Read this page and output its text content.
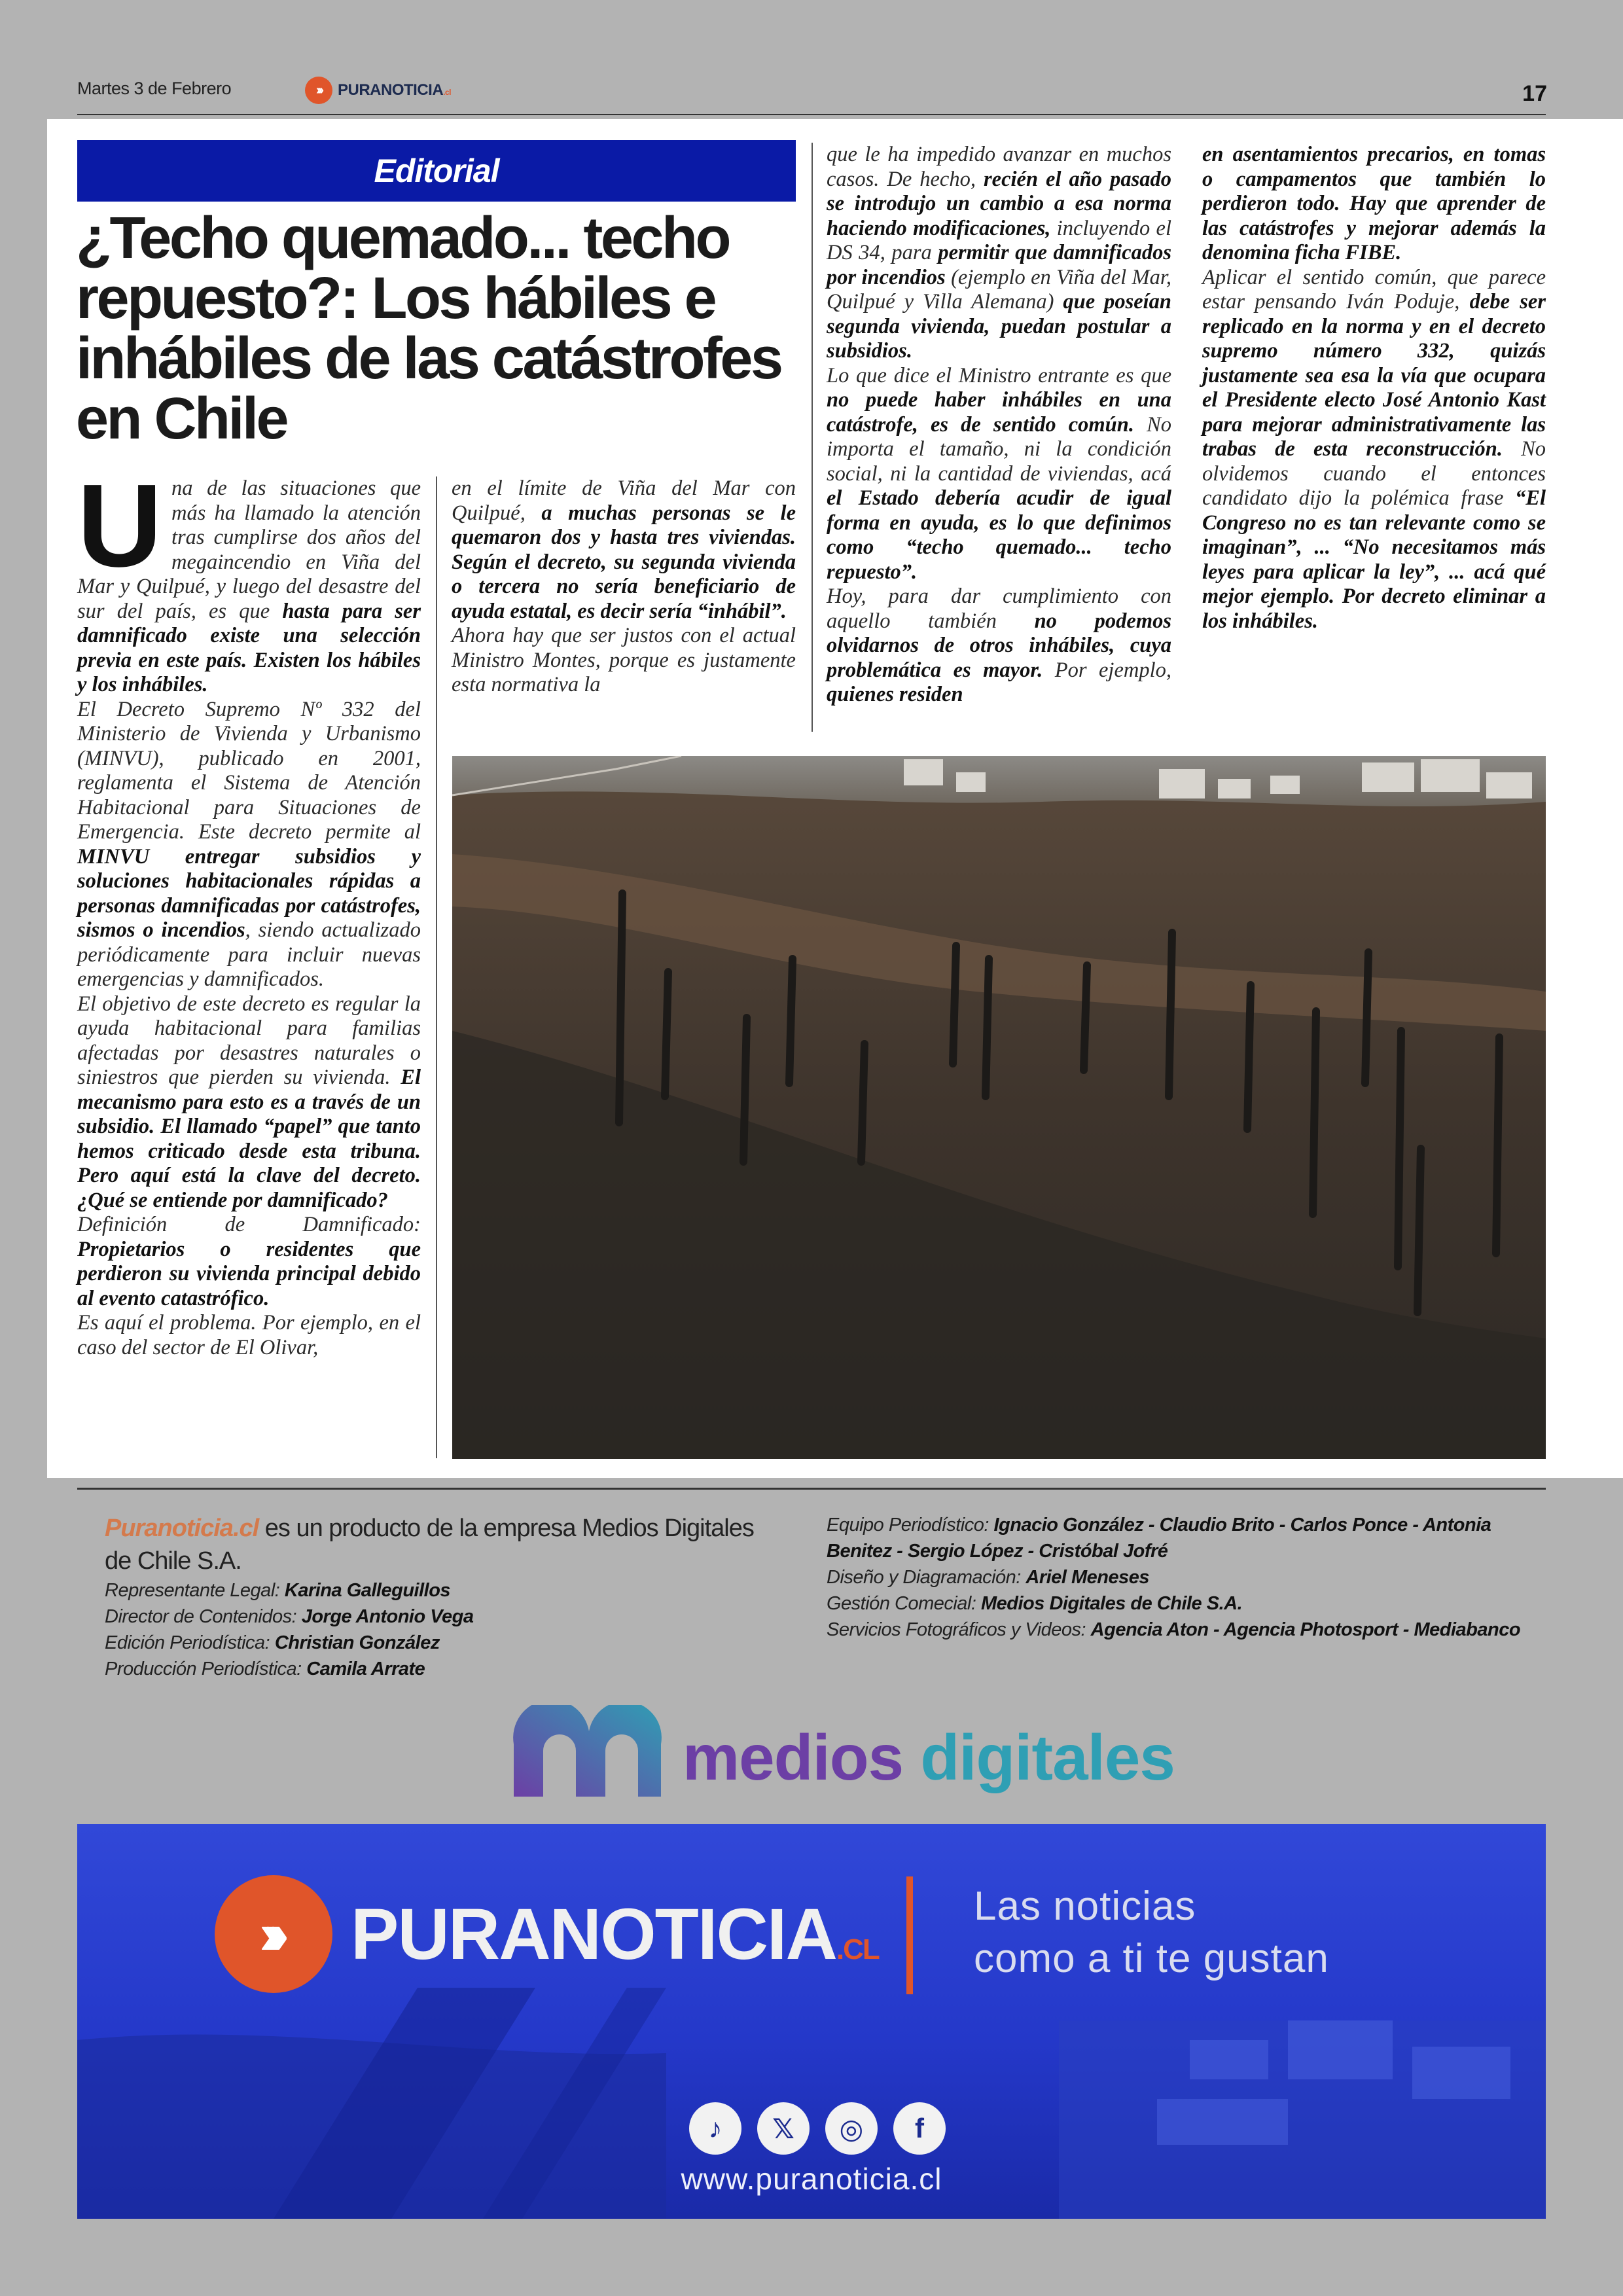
Martes 3 de Febrero	›››	PURANOTICIA.cl	17
Editorial
¿Techo quemado... techo repuesto?: Los hábiles e inhábiles de las catástrofes en Chile

Una de las situaciones que más ha llamado la atención tras cumplirse dos años del megaincendio en Viña del Mar y Quilpué, y luego del desastre del sur del país, es que hasta para ser damnificado existe una selección previa en este país. Existen los hábiles y los inhábiles.

El Decreto Supremo Nº 332 del Ministerio de Vivienda y Urbanismo (MINVU), publicado en 2001, reglamenta el Sistema de Atención Habitacional para Situaciones de Emergencia. Este decreto permite al MINVU entregar subsidios y soluciones habitacionales rápidas a personas damnificadas por catástrofes, sismos o incendios, siendo actualizado periódicamente para incluir nuevas emergencias y damnificados.

El objetivo de este decreto es regular la ayuda habitacional para familias afectadas por desastres naturales o siniestros que pierden su vivienda. El mecanismo para esto es a través de un subsidio. El llamado “papel” que tanto hemos criticado desde esta tribuna. Pero aquí está la clave del decreto. ¿Qué se entiende por damnificado?

Definición de Damnificado: Propietarios o residentes que perdieron su vivienda principal debido al evento catastrófico.

Es aquí el problema. Por ejemplo, en el caso del sector de El Olivar,

en el límite de Viña del Mar con Quilpué, a muchas personas se le quemaron dos y hasta tres viviendas. Según el decreto, su segunda vivienda o tercera no sería beneficiario de ayuda estatal, es decir sería “inhábil”.

Ahora hay que ser justos con el actual Ministro Montes, porque es justamente esta normativa la

que le ha impedido avanzar en muchos casos. De hecho, recién el año pasado se introdujo un cambio a esa norma haciendo modificaciones, incluyendo el DS 34, para permitir que damnificados por incendios (ejemplo en Viña del Mar, Quilpué y Villa Alemana) que poseían segunda vivienda, puedan postular a subsidios.

Lo que dice el Ministro entrante es que no puede haber inhábiles en una catástrofe, es de sentido común. No importa el tamaño, ni la condición social, ni la cantidad de viviendas, acá el Estado debería acudir de igual forma en ayuda, es lo que definimos como “techo quemado... techo repuesto”.

Hoy, para dar cumplimiento con aquello también no podemos olvidarnos de otros inhábiles, cuya problemática es mayor. Por ejemplo, quienes residen

en asentamientos precarios, en tomas o campamentos que también lo perdieron todo. Hay que aprender de las catástrofes y mejorar además la denomina ficha FIBE.

Aplicar el sentido común, que parece estar pensando Iván Poduje, debe ser replicado en la norma y en el decreto supremo número 332, quizás justamente sea esa la vía que ocupara el Presidente electo José Antonio Kast para mejorar administrativamente las trabas de esta reconstrucción. No olvidemos cuando el entonces candidato dijo la polémica frase “El Congreso no es tan relevante como se imaginan”, ... “No necesitamos más leyes para aplicar la ley”, ... acá qué mejor ejemplo. Por decreto eliminar a los inhábiles.

Puranoticia.cl es un producto de la empresa Medios Digitales de Chile S.A.
Representante Legal: Karina Galleguillos
Director de Contenidos: Jorge Antonio Vega
Edición Periodística: Christian González
Producción Periodística: Camila Arrate
Equipo Periodístico: Ignacio González - Claudio Brito - Carlos Ponce - Antonia Benitez - Sergio López - Cristóbal Jofré
Diseño y Diagramación: Ariel Meneses
Gestión Comecial: Medios Digitales de Chile S.A.
Servicios Fotográficos y Videos: Agencia Aton - Agencia Photosport - Mediabanco
medios digitales
›››	PURANOTICIA.CL
Las noticias
como a ti te gustan
♪	𝕏	◎	f
www.puranoticia.cl
